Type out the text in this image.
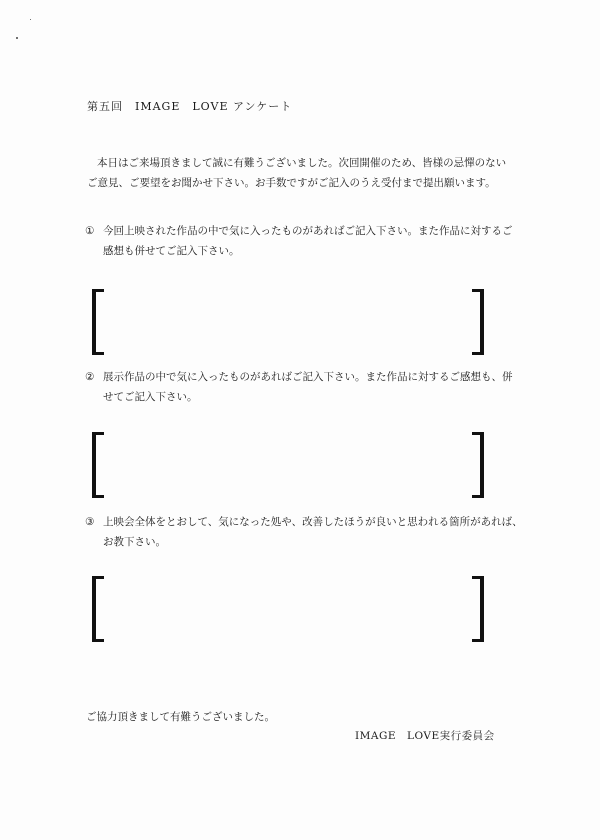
第五回　IMAGE　LOVE アンケート
本日はご来場頂きまして誠に有難うございました。次回開催のため、皆様の忌憚のない
ご意見、ご要望をお聞かせ下さい。お手数ですがご記入のうえ受付まで提出願います。
① 今回上映された作品の中で気に入ったものがあればご記入下さい。また作品に対するご
感想も併せてご記入下さい。
② 展示作品の中で気に入ったものがあればご記入下さい。また作品に対するご感想も、併
せてご記入下さい。
③ 上映会全体をとおして、気になった処や、改善したほうが良いと思われる箇所があれば、
お教下さい。
ご協力頂きまして有難うございました。
IMAGE　LOVE実行委員会
